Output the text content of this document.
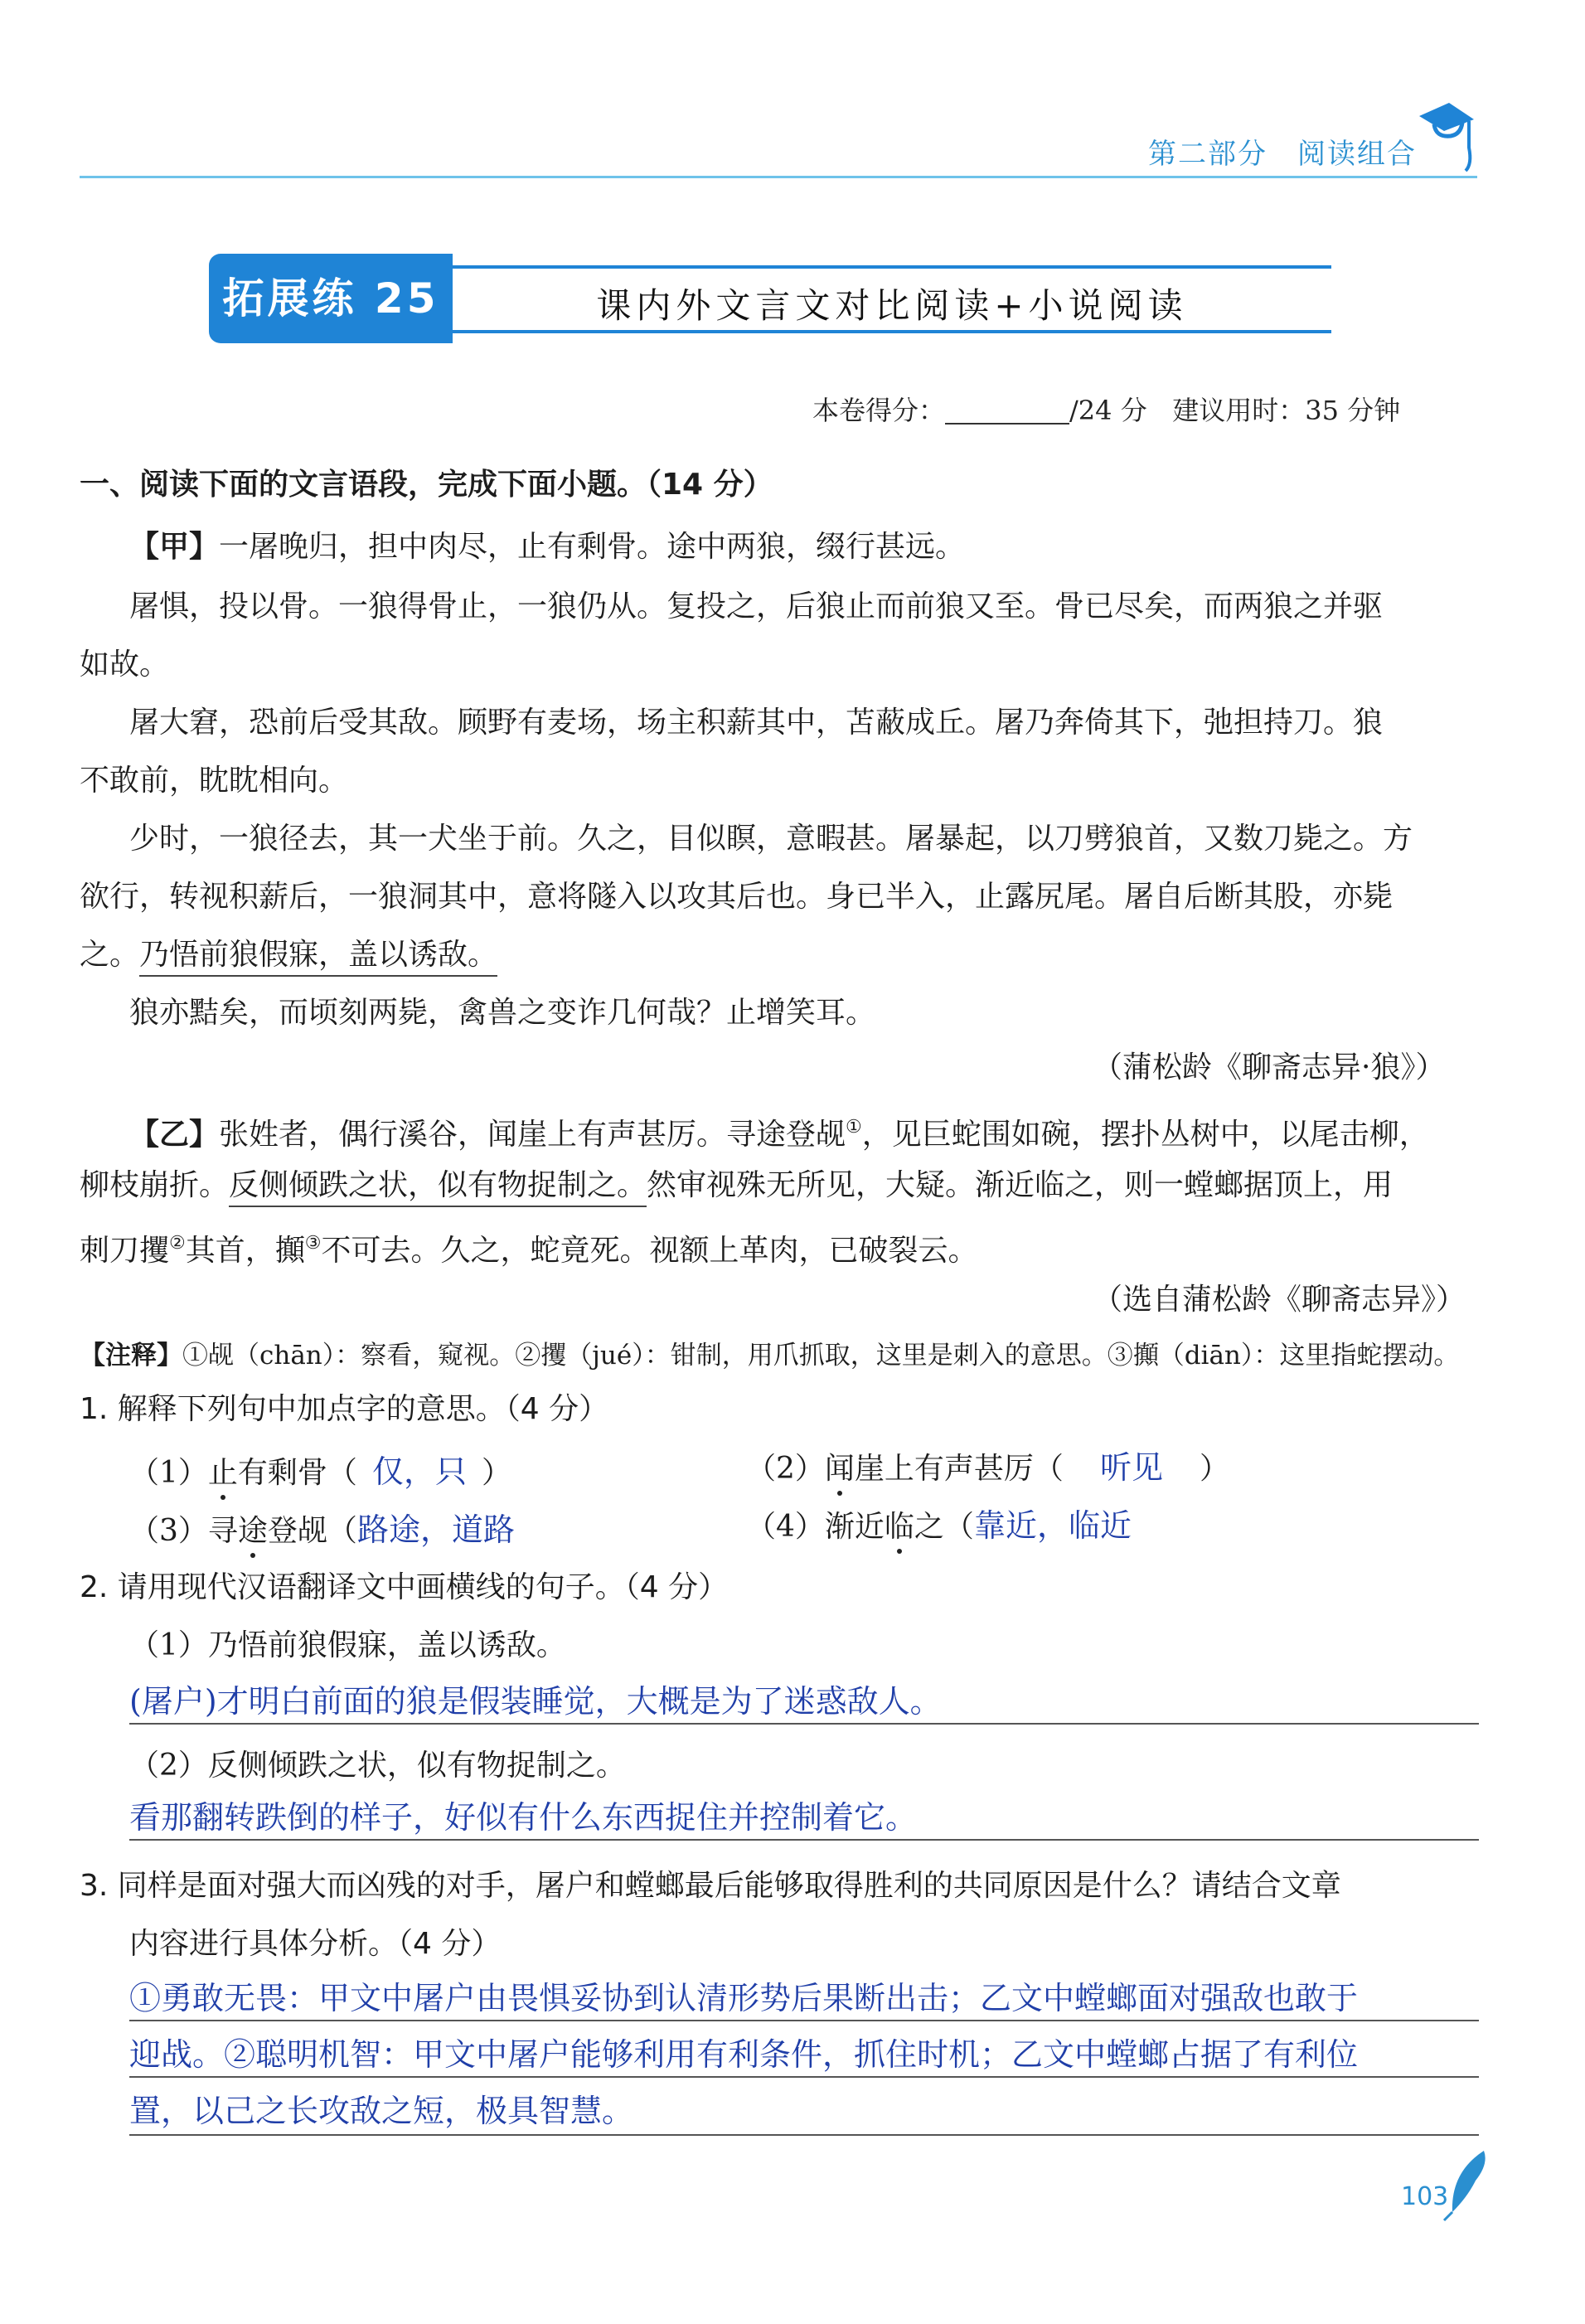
第二部分 阅读组合
拓展练 25	课内外文言文对比阅读+小说阅读
本卷得分：	/24 分 建议用时：35 分钟
一、阅读下面的文言语段，完成下面小题。（14 分）
【甲】一屠晚归，担中肉尽，止有剩骨。途中两狼，缀行甚远。
屠惧，投以骨。一狼得骨止，一狼仍从。复投之，后狼止而前狼又至。骨已尽矣，而两狼之并驱
如故。
屠大窘，恐前后受其敌。顾野有麦场，场主积薪其中，苫蔽成丘。屠乃奔倚其下，弛担持刀。狼
不敢前，眈眈相向。
少时，一狼径去，其一犬坐于前。久之，目似瞑，意暇甚。屠暴起，以刀劈狼首，又数刀毙之。方
欲行，转视积薪后，一狼洞其中，意将隧入以攻其后也。身已半入，止露尻尾。屠自后断其股，亦毙
之。乃悟前狼假寐，盖以诱敌。
狼亦黠矣，而顷刻两毙，禽兽之变诈几何哉？止增笑耳。
（蒲松龄《聊斋志异·狼》）
【乙】张姓者，偶行溪谷，闻崖上有声甚厉。寻途登觇①，见巨蛇围如碗，摆扑丛树中，以尾击柳，
柳枝崩折。反侧倾跌之状，似有物捉制之。然审视殊无所见，大疑。渐近临之，则一螳螂据顶上，用
刺刀攫②其首，攧③不可去。久之，蛇竟死。视额上革肉，已破裂云。
（选自蒲松龄《聊斋志异》）
【注释】①觇（chān）：察看，窥视。②攫（jué）：钳制，用爪抓取，这里是刺入的意思。③攧（diān）：这里指蛇摆动。
1. 解释下列句中加点字的意思。（4 分）
（1）止有剩骨（ 仅，只 ）	（2）闻崖上有声甚厉（ 听见 ）
（3）寻途登觇（路途，道路	（4）渐近临之（靠近，临近
2. 请用现代汉语翻译文中画横线的句子。（4 分）
（1）乃悟前狼假寐，盖以诱敌。
(屠户)才明白前面的狼是假装睡觉，大概是为了迷惑敌人。
（2）反侧倾跌之状，似有物捉制之。
看那翻转跌倒的样子，好似有什么东西捉住并控制着它。
3. 同样是面对强大而凶残的对手，屠户和螳螂最后能够取得胜利的共同原因是什么？请结合文章
内容进行具体分析。（4 分）
①勇敢无畏：甲文中屠户由畏惧妥协到认清形势后果断出击；乙文中螳螂面对强敌也敢于
迎战。②聪明机智：甲文中屠户能够利用有利条件，抓住时机；乙文中螳螂占据了有利位
置，以己之长攻敌之短，极具智慧。
103
